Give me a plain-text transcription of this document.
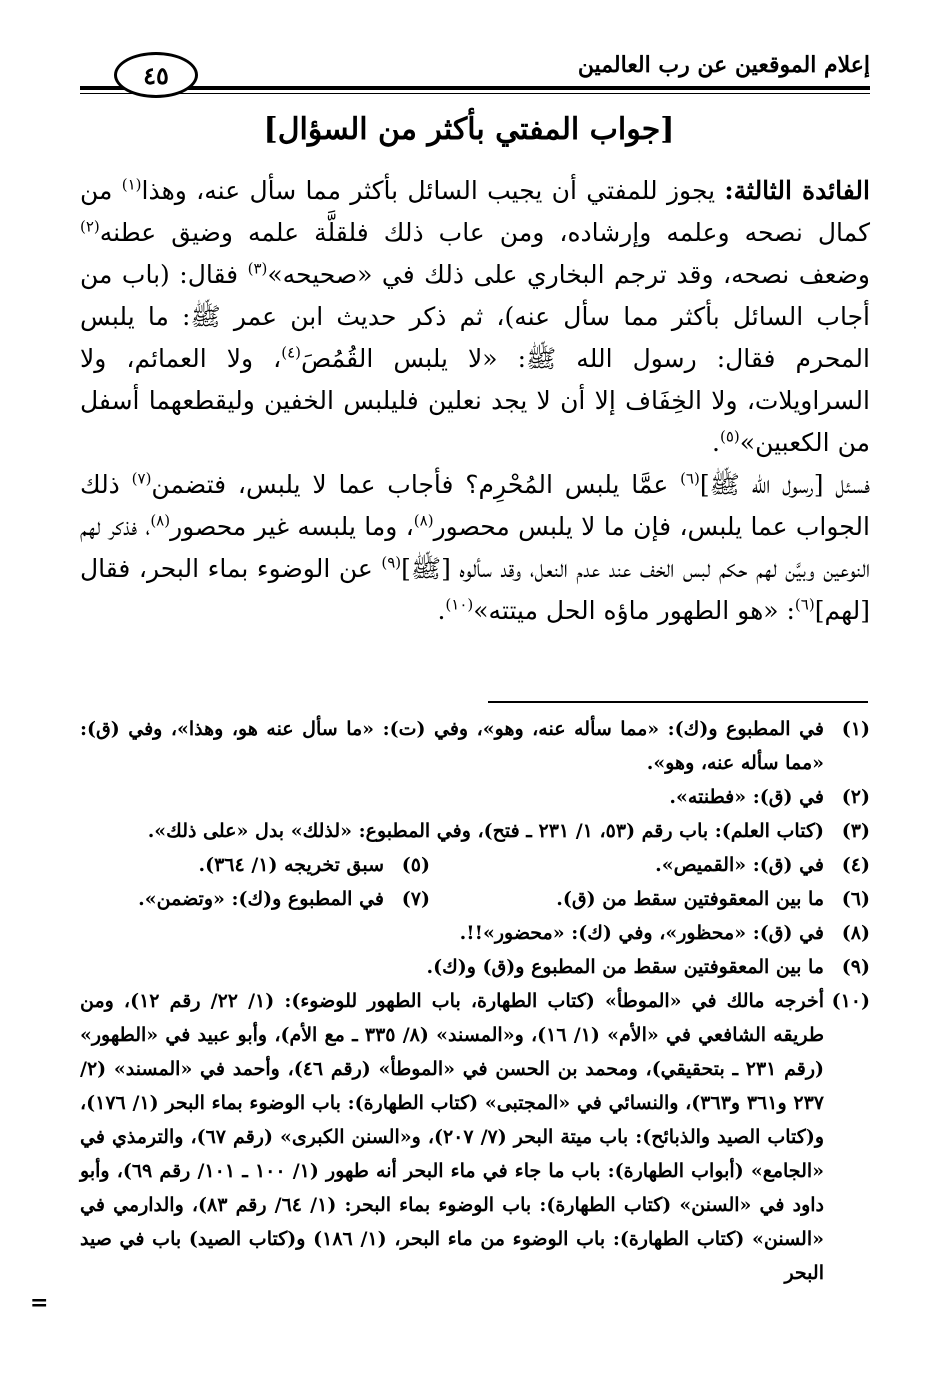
إعلام الموقعين عن رب العالمين
٤٥
[جواب المفتي بأكثر من السؤال]
الفائدة الثالثة: يجوز للمفتي أن يجيب السائل بأكثر مما سأل عنه، وهذا$^{(١)}$ من كمال نصحه وعلمه وإرشاده، ومن عاب ذلك فلقلَّة علمه وضيق عطنه$^{(٢)}$ وضعف نصحه، وقد ترجم البخاري على ذلك في «صحيحه»$^{(٣)}$ فقال: (باب من أجاب السائل بأكثر مما سأل عنه)، ثم ذكر حديث ابن عمر ﷺ: ما يلبس المحرم فقال: رسول الله ﷺ: «لا يلبس القُمُصَ$^{(٤)}$، ولا العمائم، ولا السراويلات، ولا الخِفَاف إلا أن لا يجد نعلين فليلبس الخفين وليقطعهما أسفل من الكعبين»$^{(٥)}$.
فسئل [رسول الله ﷺ]$^{(٦)}$ عمَّا يلبس المُحْرِم؟ فأجاب عما لا يلبس، فتضمن$^{(٧)}$ ذلك الجواب عما يلبس، فإن ما لا يلبس محصور$^{(٨)}$، وما يلبسه غير محصور$^{(٨)}$، فذكر لهم النوعين وبيَّن لهم حكم لبس الخف عند عدم النعل، وقد سألوه [ﷺ]$^{(٩)}$ عن الوضوء بماء البحر، فقال [لهم]$^{(٦)}$: «هو الطهور ماؤه الحل ميتته»$^{(١٠)}$.
(١)
في المطبوع و(ك): «مما سأله عنه، وهو»، وفي (ت): «ما سأل عنه هو، وهذا»، وفي (ق): «مما سأله عنه، وهو».
(٢)
في (ق): «فطنته».
(٣)
(كتاب العلم): باب رقم (٥٣، ١/ ٢٣١ ـ فتح)، وفي المطبوع: «لذلك» بدل «على ذلك».
(٤)
في (ق): «القميص».
(٥)
سبق تخريجه (١/ ٣٦٤).
(٦)
ما بين المعقوفتين سقط من (ق).
(٧)
في المطبوع و(ك): «وتضمن».
(٨)
في (ق): «محظور»، وفي (ك): «محضور»!!.
(٩)
ما بين المعقوفتين سقط من المطبوع و(ق) و(ك).
(١٠)
أخرجه مالك في «الموطأ» (كتاب الطهارة، باب الطهور للوضوء): (١/ ٢٢/ رقم ١٢)، ومن طريقه الشافعي في «الأم» (١/ ١٦)، و«المسند» (٨/ ٣٣٥ ـ مع الأم)، وأبو عبيد في «الطهور» (رقم ٢٣١ ـ بتحقيقي)، ومحمد بن الحسن في «الموطأ» (رقم ٤٦)، وأحمد في «المسند» (٢/ ٢٣٧ و٣٦١ و٣٦٣)، والنسائي في «المجتبى» (كتاب الطهارة): باب الوضوء بماء البحر (١/ ١٧٦)، و(كتاب الصيد والذبائح): باب ميتة البحر (٧/ ٢٠٧)، و«السنن الكبرى» (رقم ٦٧)، والترمذي في «الجامع» (أبواب الطهارة): باب ما جاء في ماء البحر أنه طهور (١/ ١٠٠ ـ ١٠١/ رقم ٦٩)، وأبو داود في «السنن» (كتاب الطهارة): باب الوضوء بماء البحر: (١/ ٦٤/ رقم ٨٣)، والدارمي في «السنن» (كتاب الطهارة): باب الوضوء من ماء البحر، (١/ ١٨٦) و(كتاب الصيد) باب في صيد البحر
=
